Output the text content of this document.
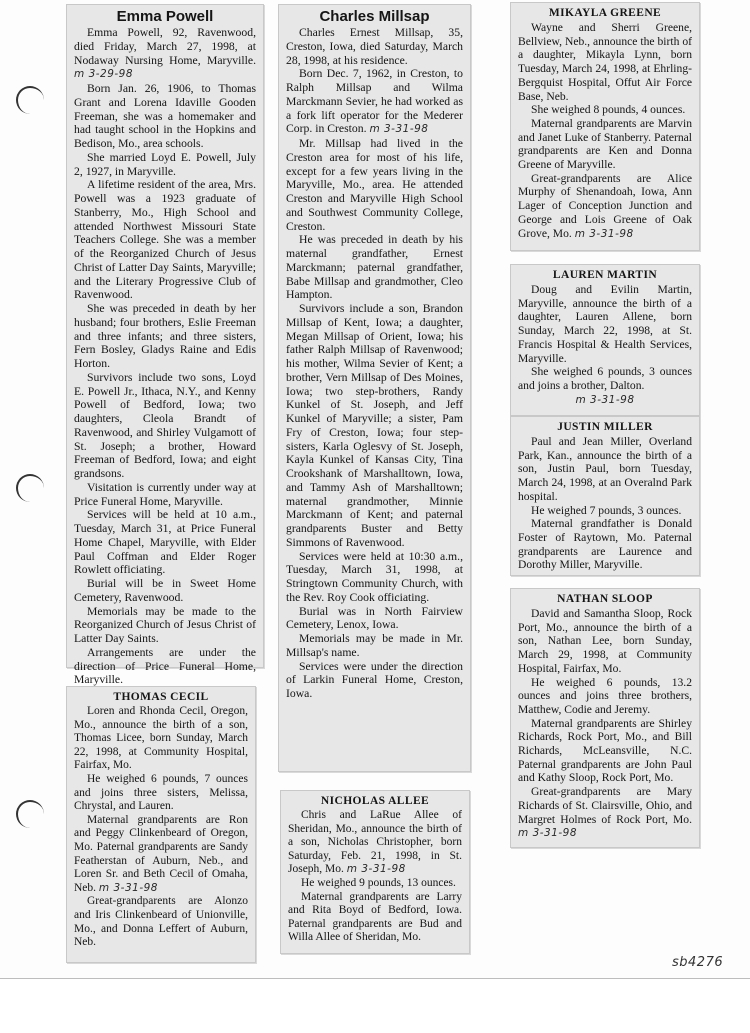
Emma Powell

Emma Powell, 92, Ravenwood, died Friday, March 27, 1998, at Nodaway Nursing Home, Maryville. m 3-29-98

Born Jan. 26, 1906, to Thomas Grant and Lorena Idaville Gooden Freeman, she was a homemaker and had taught school in the Hopkins and Bedison, Mo., area schools.

She married Loyd E. Powell, July 2, 1927, in Maryville.

A lifetime resident of the area, Mrs. Powell was a 1923 graduate of Stanberry, Mo., High School and attended Northwest Missouri State Teachers College. She was a member of the Reorganized Church of Jesus Christ of Latter Day Saints, Maryville; and the Literary Progressive Club of Ravenwood.

She was preceded in death by her husband; four brothers, Eslie Freeman and three infants; and three sisters, Fern Bosley, Gladys Raine and Edis Horton.

Survivors include two sons, Loyd E. Powell Jr., Ithaca, N.Y., and Kenny Powell of Bedford, Iowa; two daughters, Cleola Brandt of Ravenwood, and Shirley Vulgamott of St. Joseph; a brother, Howard Freeman of Bedford, Iowa; and eight grandsons.

Visitation is currently under way at Price Funeral Home, Maryville.

Services will be held at 10 a.m., Tuesday, March 31, at Price Funeral Home Chapel, Maryville, with Elder Paul Coffman and Elder Roger Rowlett officiating.

Burial will be in Sweet Home Cemetery, Ravenwood.

Memorials may be made to the Reorganized Church of Jesus Christ of Latter Day Saints.

Arrangements are under the direction of Price Funeral Home, Maryville.

THOMAS CECIL

Loren and Rhonda Cecil, Oregon, Mo., announce the birth of a son, Thomas Licee, born Sunday, March 22, 1998, at Community Hospital, Fairfax, Mo.

He weighed 6 pounds, 7 ounces and joins three sisters, Melissa, Chrystal, and Lauren.

Maternal grandparents are Ron and Peggy Clinkenbeard of Oregon, Mo. Paternal grandparents are Sandy Featherstan of Auburn, Neb., and Loren Sr. and Beth Cecil of Omaha, Neb. m 3-31-98

Great-grandparents are Alonzo and Iris Clinkenbeard of Unionville, Mo., and Donna Leffert of Auburn, Neb.

Charles Millsap

Charles Ernest Millsap, 35, Creston, Iowa, died Saturday, March 28, 1998, at his residence.

Born Dec. 7, 1962, in Creston, to Ralph Millsap and Wilma Marckmann Sevier, he had worked as a fork lift operator for the Mederer Corp. in Creston. m 3-31-98

Mr. Millsap had lived in the Creston area for most of his life, except for a few years living in the Maryville, Mo., area. He attended Creston and Maryville High School and Southwest Community College, Creston.

He was preceded in death by his maternal grandfather, Ernest Marckmann; paternal grandfather, Babe Millsap and grandmother, Cleo Hampton.

Survivors include a son, Brandon Millsap of Kent, Iowa; a daughter, Megan Millsap of Orient, Iowa; his father Ralph Millsap of Ravenwood; his mother, Wilma Sevier of Kent; a brother, Vern Millsap of Des Moines, Iowa; two step-brothers, Randy Kunkel of St. Joseph, and Jeff Kunkel of Maryville; a sister, Pam Fry of Creston, Iowa; four step-sisters, Karla Oglesvy of St. Joseph, Kayla Kunkel of Kansas City, Tina Crookshank of Marshalltown, Iowa, and Tammy Ash of Marshalltown; maternal grandmother, Minnie Marckmann of Kent; and paternal grandparents Buster and Betty Simmons of Ravenwood.

Services were held at 10:30 a.m., Tuesday, March 31, 1998, at Stringtown Community Church, with the Rev. Roy Cook officiating.

Burial was in North Fairview Cemetery, Lenox, Iowa.

Memorials may be made in Mr. Millsap's name.

Services were under the direction of Larkin Funeral Home, Creston, Iowa.

NICHOLAS ALLEE

Chris and LaRue Allee of Sheridan, Mo., announce the birth of a son, Nicholas Christopher, born Saturday, Feb. 21, 1998, in St. Joseph, Mo. m 3-31-98

He weighed 9 pounds, 13 ounces.

Maternal grandparents are Larry and Rita Boyd of Bedford, Iowa. Paternal grandparents are Bud and Willa Allee of Sheridan, Mo.

MIKAYLA GREENE

Wayne and Sherri Greene, Bellview, Neb., announce the birth of a daughter, Mikayla Lynn, born Tuesday, March 24, 1998, at Ehrling-Bergquist Hospital, Offut Air Force Base, Neb.

She weighed 8 pounds, 4 ounces.

Maternal grandparents are Marvin and Janet Luke of Stanberry. Paternal grandparents are Ken and Donna Greene of Maryville.

Great-grandparents are Alice Murphy of Shenandoah, Iowa, Ann Lager of Conception Junction and George and Lois Greene of Oak Grove, Mo. m 3-31-98

LAUREN MARTIN

Doug and Evilin Martin, Maryville, announce the birth of a daughter, Lauren Allene, born Sunday, March 22, 1998, at St. Francis Hospital & Health Services, Maryville.

She weighed 6 pounds, 3 ounces and joins a brother, Dalton.

m 3-31-98
JUSTIN MILLER

Paul and Jean Miller, Overland Park, Kan., announce the birth of a son, Justin Paul, born Tuesday, March 24, 1998, at an Overalnd Park hospital.

He weighed 7 pounds, 3 ounces.

Maternal grandfather is Donald Foster of Raytown, Mo. Paternal grandparents are Laurence and Dorothy Miller, Maryville.

NATHAN SLOOP

David and Samantha Sloop, Rock Port, Mo., announce the birth of a son, Nathan Lee, born Sunday, March 29, 1998, at Community Hospital, Fairfax, Mo.

He weighed 6 pounds, 13.2 ounces and joins three brothers, Matthew, Codie and Jeremy.

Maternal grandparents are Shirley Richards, Rock Port, Mo., and Bill Richards, McLeansville, N.C. Paternal grandparents are John Paul and Kathy Sloop, Rock Port, Mo.

Great-grandparents are Mary Richards of St. Clairsville, Ohio, and Margret Holmes of Rock Port, Mo. m 3-31-98

sb4276
